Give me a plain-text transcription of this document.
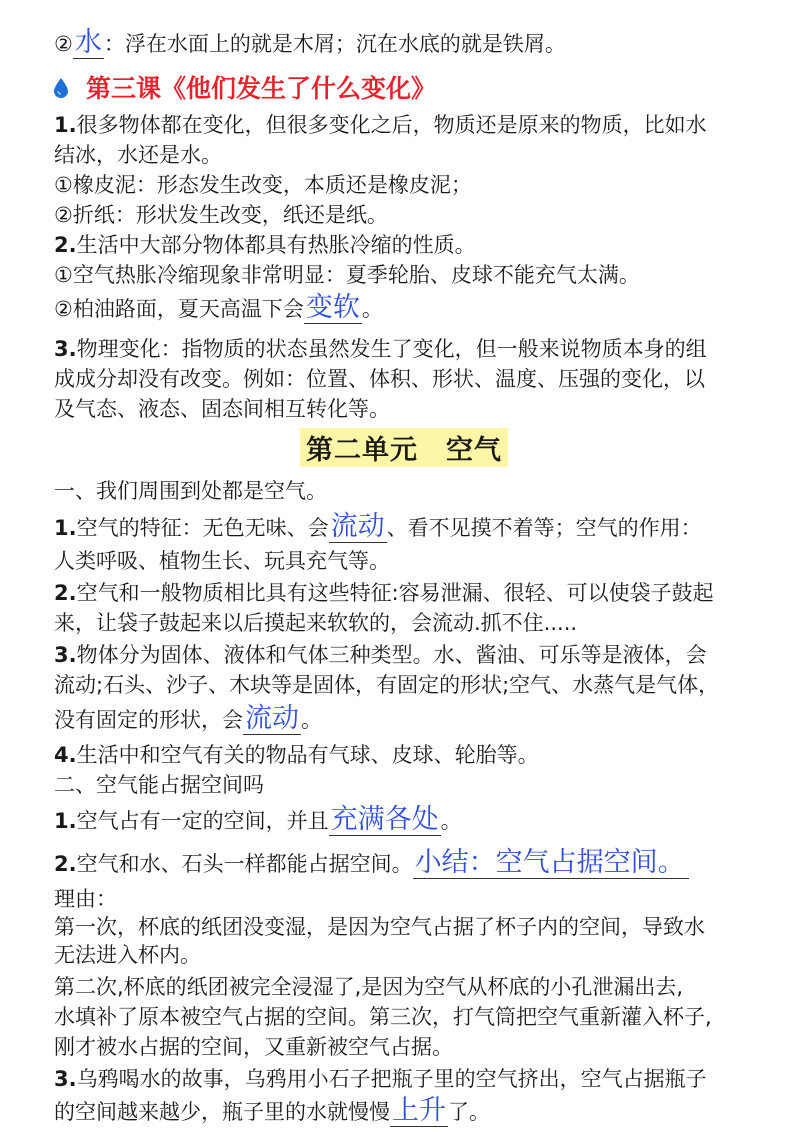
②水：浮在水面上的就是木屑；沉在水底的就是铁屑。
第三课《他们发生了什么变化》
1.很多物体都在变化，但很多变化之后，物质还是原来的物质，比如水
结冰，水还是水。
①橡皮泥：形态发生改变，本质还是橡皮泥；
②折纸：形状发生改变，纸还是纸。
2.生活中大部分物体都具有热胀冷缩的性质。
①空气热胀冷缩现象非常明显：夏季轮胎、皮球不能充气太满。
②柏油路面，夏天高温下会变软。
3.物理变化：指物质的状态虽然发生了变化，但一般来说物质本身的组
成成分却没有改变。例如：位置、体积、形状、温度、压强的变化，以
及气态、液态、固态间相互转化等。
第二单元　空气
一、我们周围到处都是空气。
1.空气的特征：无色无味、会流动、看不见摸不着等；空气的作用：
人类呼吸、植物生长、玩具充气等。
2.空气和一般物质相比具有这些特征:容易泄漏、很轻、可以使袋子鼓起
来，让袋子鼓起来以后摸起来软软的，会流动.抓不住.....
3.物体分为固体、液体和气体三种类型。水、酱油、可乐等是液体，会
流动;石头、沙子、木块等是固体，有固定的形状;空气、水蒸气是气体，
没有固定的形状，会流动。
4.生活中和空气有关的物品有气球、皮球、轮胎等。
二、空气能占据空间吗
1.空气占有一定的空间，并且充满各处。
2.空气和水、石头一样都能占据空间。小结：空气占据空间。
理由：
第一次，杯底的纸团没变湿，是因为空气占据了杯子内的空间，导致水
无法进入杯内。
第二次,杯底的纸团被完全浸湿了,是因为空气从杯底的小孔泄漏出去,
水填补了原本被空气占据的空间。第三次，打气筒把空气重新灌入杯子,
刚才被水占据的空间，又重新被空气占据。
3.乌鸦喝水的故事，乌鸦用小石子把瓶子里的空气挤出，空气占据瓶子
的空间越来越少，瓶子里的水就慢慢上升了。
